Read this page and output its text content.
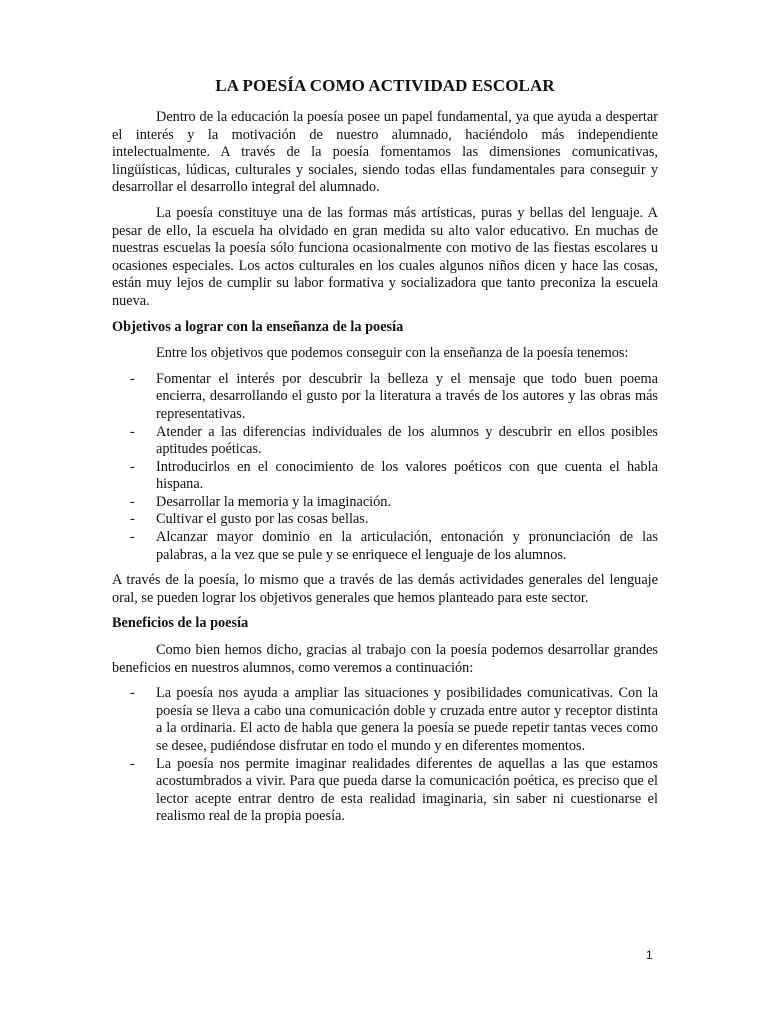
LA POESÍA COMO ACTIVIDAD ESCOLAR

Dentro de la educación la poesía posee un papel fundamental, ya que ayuda a despertar el interés y la motivación de nuestro alumnado, haciéndolo más independiente intelectualmente. A través de la poesía fomentamos las dimensiones comunicativas, lingüísticas, lúdicas, culturales y sociales, siendo todas ellas fundamentales para conseguir y desarrollar el desarrollo integral del alumnado.

La poesía constituye una de las formas más artísticas, puras y bellas del lenguaje. A pesar de ello, la escuela ha olvidado en gran medida su alto valor educativo. En muchas de nuestras escuelas la poesía sólo funciona ocasionalmente con motivo de las fiestas escolares u ocasiones especiales. Los actos culturales en los cuales algunos niños dicen y hace las cosas, están muy lejos de cumplir su labor formativa y socializadora que tanto preconiza la escuela nueva.

Objetivos a lograr con la enseñanza de la poesía

Entre los objetivos que podemos conseguir con la enseñanza de la poesía tenemos:

- Fomentar el interés por descubrir la belleza y el mensaje que todo buen poema encierra, desarrollando el gusto por la literatura a través de los autores y las obras más representativas.
- Atender a las diferencias individuales de los alumnos y descubrir en ellos posibles aptitudes poéticas.
- Introducirlos en el conocimiento de los valores poéticos con que cuenta el habla hispana.
- Desarrollar la memoria y la imaginación.
- Cultivar el gusto por las cosas bellas.
- Alcanzar mayor dominio en la articulación, entonación y pronunciación de las palabras, a la vez que se pule y se enriquece el lenguaje de los alumnos.

A través de la poesía, lo mismo que a través de las demás actividades generales del lenguaje oral, se pueden lograr los objetivos generales que hemos planteado para este sector.

Beneficios de la poesía

Como bien hemos dicho, gracias al trabajo con la poesía podemos desarrollar grandes beneficios en nuestros alumnos, como veremos a continuación:

- La poesía nos ayuda a ampliar las situaciones y posibilidades comunicativas. Con la poesía se lleva a cabo una comunicación doble y cruzada entre autor y receptor distinta a la ordinaria. El acto de habla que genera la poesía se puede repetir tantas veces como se desee, pudiéndose disfrutar en todo el mundo y en diferentes momentos.
- La poesía nos permite imaginar realidades diferentes de aquellas a las que estamos acostumbrados a vivir. Para que pueda darse la comunicación poética, es preciso que el lector acepte entrar dentro de esta realidad imaginaria, sin saber ni cuestionarse el realismo real de la propia poesía.
1
